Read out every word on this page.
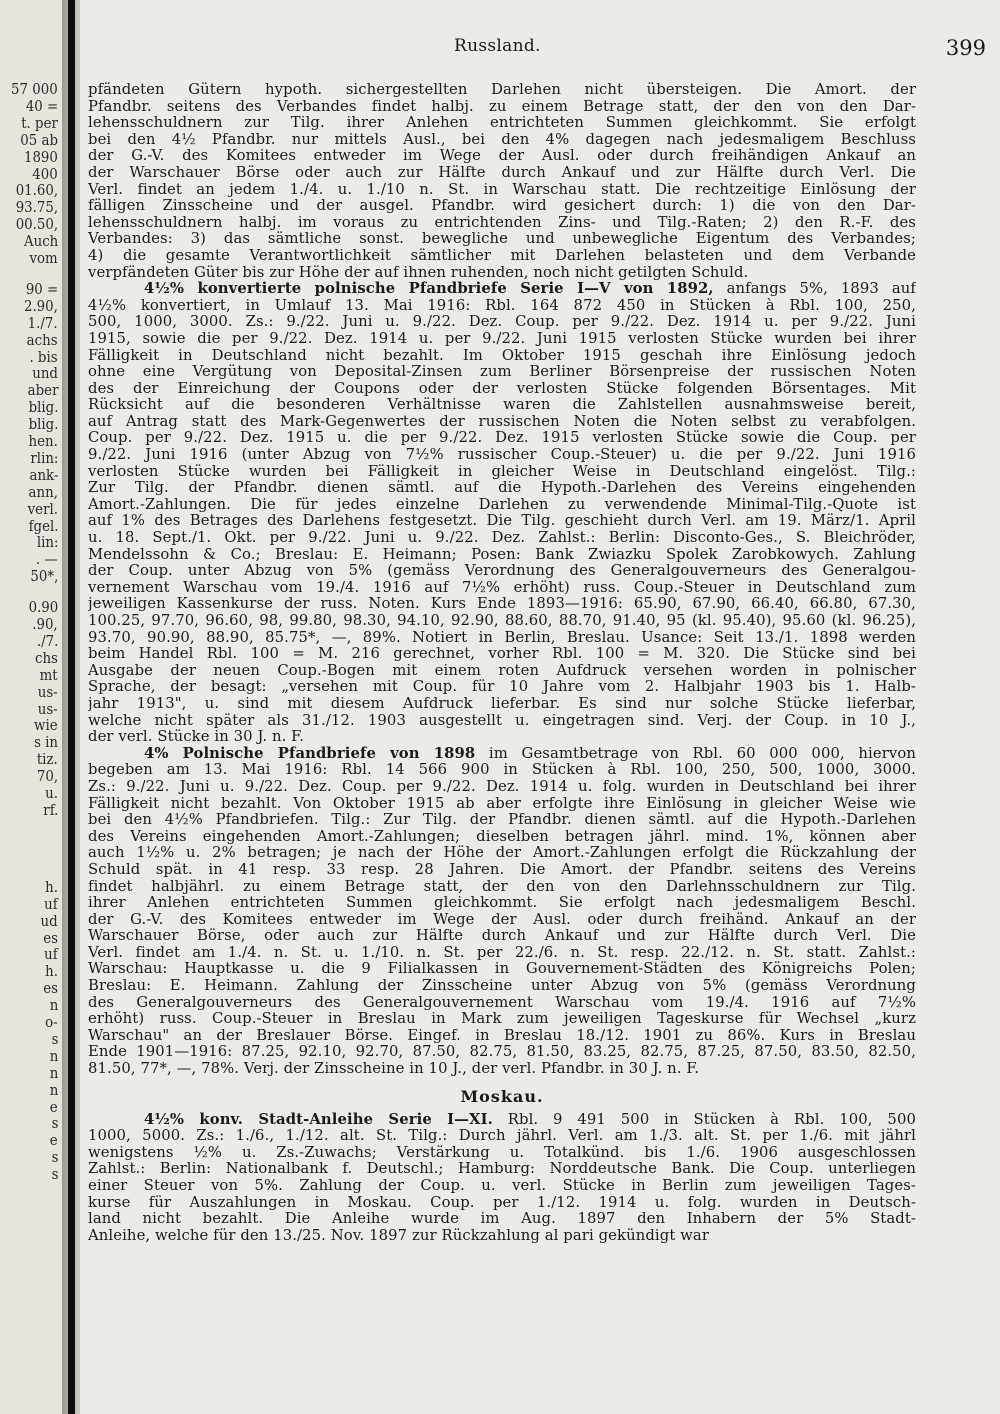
57 000
40 =
t. per
05 ab
1890
400
01.60,
93.75,
00.50,
Auch
vom
90 =
2.90,
1./7.
achs
. bis
und
aber
blig.
blig.
hen.
rlin:
ank-
ann,
verl.
fgel.
lin:
. —
50*,
0.90
.90,
./7.
chs
mt
us-
us-
wie
s in
tiz.
70,
u.
rf.
h.
uf
ud
es
uf
h.
es
n
o-
s
n
n
n
e
s
e
s
s
Russland.	399
pfändeten Gütern hypoth. sichergestellten Darlehen nicht übersteigen. Die Amort. der
Pfandbr. seitens des Verbandes findet halbj. zu einem Betrage statt, der den von den Dar-
lehensschuldnern zur Tilg. ihrer Anlehen entrichteten Summen gleichkommt. Sie erfolgt
bei den 4½ Pfandbr. nur mittels Ausl., bei den 4% dagegen nach jedesmaligem Beschluss
der G.-V. des Komitees entweder im Wege der Ausl. oder durch freihändigen Ankauf an
der Warschauer Börse oder auch zur Hälfte durch Ankauf und zur Hälfte durch Verl. Die
Verl. findet an jedem 1./4. u. 1./10 n. St. in Warschau statt. Die rechtzeitige Einlösung der
fälligen Zinsscheine und der ausgel. Pfandbr. wird gesichert durch: 1) die von den Dar-
lehensschuldnern halbj. im voraus zu entrichtenden Zins- und Tilg.-Raten; 2) den R.-F. des
Verbandes: 3) das sämtliche sonst. bewegliche und unbewegliche Eigentum des Verbandes;
4) die gesamte Verantwortlichkeit sämtlicher mit Darlehen belasteten und dem Verbande
verpfändeten Güter bis zur Höhe der auf ihnen ruhenden, noch nicht getilgten Schuld.
4½% konvertierte polnische Pfandbriefe Serie I—V von 1892, anfangs 5%, 1893 auf
4½% konvertiert, in Umlauf 13. Mai 1916: Rbl. 164 872 450 in Stücken à Rbl. 100, 250,
500, 1000, 3000. Zs.: 9./22. Juni u. 9./22. Dez. Coup. per 9./22. Dez. 1914 u. per 9./22. Juni
1915, sowie die per 9./22. Dez. 1914 u. per 9./22. Juni 1915 verlosten Stücke wurden bei ihrer
Fälligkeit in Deutschland nicht bezahlt. Im Oktober 1915 geschah ihre Einlösung jedoch
ohne eine Vergütung von Deposital-Zinsen zum Berliner Börsenpreise der russischen Noten
des der Einreichung der Coupons oder der verlosten Stücke folgenden Börsentages. Mit
Rücksicht auf die besonderen Verhältnisse waren die Zahlstellen ausnahmsweise bereit,
auf Antrag statt des Mark-Gegenwertes der russischen Noten die Noten selbst zu verabfolgen.
Coup. per 9./22. Dez. 1915 u. die per 9./22. Dez. 1915 verlosten Stücke sowie die Coup. per
9./22. Juni 1916 (unter Abzug von 7½% russischer Coup.-Steuer) u. die per 9./22. Juni 1916
verlosten Stücke wurden bei Fälligkeit in gleicher Weise in Deutschland eingelöst. Tilg.:
Zur Tilg. der Pfandbr. dienen sämtl. auf die Hypoth.-Darlehen des Vereins eingehenden
Amort.-Zahlungen. Die für jedes einzelne Darlehen zu verwendende Minimal-Tilg.-Quote ist
auf 1% des Betrages des Darlehens festgesetzt. Die Tilg. geschieht durch Verl. am 19. März/1. April
u. 18. Sept./1. Okt. per 9./22. Juni u. 9./22. Dez. Zahlst.: Berlin: Disconto-Ges., S. Bleichröder,
Mendelssohn & Co.; Breslau: E. Heimann; Posen: Bank Zwiazku Spolek Zarobkowych. Zahlung
der Coup. unter Abzug von 5% (gemäss Verordnung des Generalgouverneurs des Generalgou-
vernement Warschau vom 19./4. 1916 auf 7½% erhöht) russ. Coup.-Steuer in Deutschland zum
jeweiligen Kassenkurse der russ. Noten. Kurs Ende 1893—1916: 65.90, 67.90, 66.40, 66.80, 67.30,
100.25, 97.70, 96.60, 98, 99.80, 98.30, 94.10, 92.90, 88.60, 88.70, 91.40, 95 (kl. 95.40), 95.60 (kl. 96.25),
93.70, 90.90, 88.90, 85.75*, —, 89%. Notiert in Berlin, Breslau. Usance: Seit 13./1. 1898 werden
beim Handel Rbl. 100 = M. 216 gerechnet, vorher Rbl. 100 = M. 320. Die Stücke sind bei
Ausgabe der neuen Coup.-Bogen mit einem roten Aufdruck versehen worden in polnischer
Sprache, der besagt: „versehen mit Coup. für 10 Jahre vom 2. Halbjahr 1903 bis 1. Halb-
jahr 1913", u. sind mit diesem Aufdruck lieferbar. Es sind nur solche Stücke lieferbar,
welche nicht später als 31./12. 1903 ausgestellt u. eingetragen sind. Verj. der Coup. in 10 J.,
der verl. Stücke in 30 J. n. F.
4% Polnische Pfandbriefe von 1898 im Gesamtbetrage von Rbl. 60 000 000, hiervon
begeben am 13. Mai 1916: Rbl. 14 566 900 in Stücken à Rbl. 100, 250, 500, 1000, 3000.
Zs.: 9./22. Juni u. 9./22. Dez. Coup. per 9./22. Dez. 1914 u. folg. wurden in Deutschland bei ihrer
Fälligkeit nicht bezahlt. Von Oktober 1915 ab aber erfolgte ihre Einlösung in gleicher Weise wie
bei den 4½% Pfandbriefen. Tilg.: Zur Tilg. der Pfandbr. dienen sämtl. auf die Hypoth.-Darlehen
des Vereins eingehenden Amort.-Zahlungen; dieselben betragen jährl. mind. 1%, können aber
auch 1½% u. 2% betragen; je nach der Höhe der Amort.-Zahlungen erfolgt die Rückzahlung der
Schuld spät. in 41 resp. 33 resp. 28 Jahren. Die Amort. der Pfandbr. seitens des Vereins
findet halbjährl. zu einem Betrage statt, der den von den Darlehnsschuldnern zur Tilg.
ihrer Anlehen entrichteten Summen gleichkommt. Sie erfolgt nach jedesmaligem Beschl.
der G.-V. des Komitees entweder im Wege der Ausl. oder durch freihänd. Ankauf an der
Warschauer Börse, oder auch zur Hälfte durch Ankauf und zur Hälfte durch Verl. Die
Verl. findet am 1./4. n. St. u. 1./10. n. St. per 22./6. n. St. resp. 22./12. n. St. statt. Zahlst.:
Warschau: Hauptkasse u. die 9 Filialkassen in Gouvernement-Städten des Königreichs Polen;
Breslau: E. Heimann. Zahlung der Zinsscheine unter Abzug von 5% (gemäss Verordnung
des Generalgouverneurs des Generalgouvernement Warschau vom 19./4. 1916 auf 7½%
erhöht) russ. Coup.-Steuer in Breslau in Mark zum jeweiligen Tageskurse für Wechsel „kurz
Warschau" an der Breslauer Börse. Eingef. in Breslau 18./12. 1901 zu 86%. Kurs in Breslau
Ende 1901—1916: 87.25, 92.10, 92.70, 87.50, 82.75, 81.50, 83.25, 82.75, 87.25, 87.50, 83.50, 82.50,
81.50, 77*, —, 78%. Verj. der Zinsscheine in 10 J., der verl. Pfandbr. in 30 J. n. F.
Moskau.
4½% konv. Stadt-Anleihe Serie I—XI. Rbl. 9 491 500 in Stücken à Rbl. 100, 500
1000, 5000. Zs.: 1./6., 1./12. alt. St. Tilg.: Durch jährl. Verl. am 1./3. alt. St. per 1./6. mit jährl
wenigstens ½% u. Zs.-Zuwachs; Verstärkung u. Totalkünd. bis 1./6. 1906 ausgeschlossen
Zahlst.: Berlin: Nationalbank f. Deutschl.; Hamburg: Norddeutsche Bank. Die Coup. unterliegen
einer Steuer von 5%. Zahlung der Coup. u. verl. Stücke in Berlin zum jeweiligen Tages-
kurse für Auszahlungen in Moskau. Coup. per 1./12. 1914 u. folg. wurden in Deutsch-
land nicht bezahlt. Die Anleihe wurde im Aug. 1897 den Inhabern der 5% Stadt-
Anleihe, welche für den 13./25. Nov. 1897 zur Rückzahlung al pari gekündigt war
